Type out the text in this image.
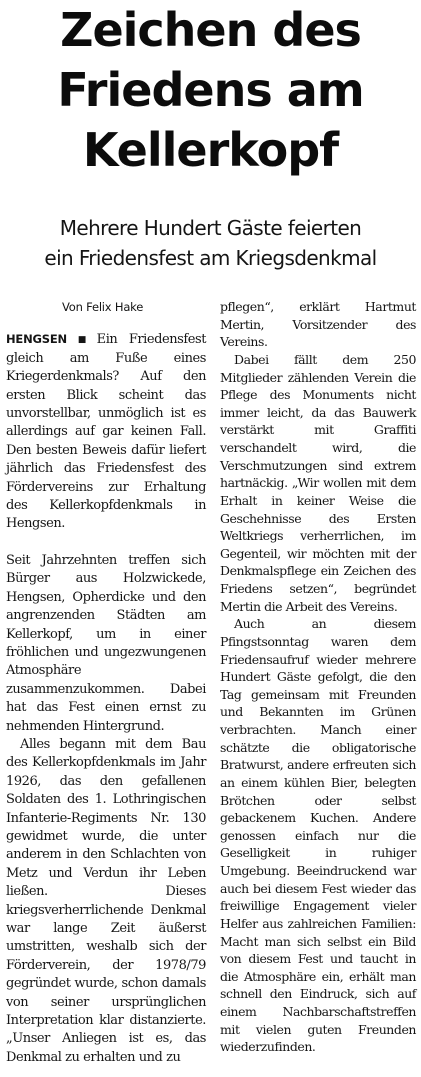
Zeichen des
Friedens am
Kellerkopf
Mehrere Hundert Gäste feierten
ein Friedensfest am Kriegsdenkmal
Von Felix Hake

HENGSEN ■ Ein Friedensfest gleich am Fuße eines Kriegerdenkmals? Auf den ersten Blick scheint das unvorstellbar, unmöglich ist es allerdings auf gar keinen Fall. Den besten Beweis dafür liefert jährlich das Friedensfest des Fördervereins zur Erhaltung des Kellerkopfdenkmals in Hengsen.

Seit Jahrzehnten treffen sich Bürger aus Holzwickede, Hengsen, Opherdicke und den angrenzenden Städten am Kellerkopf, um in einer fröhlichen und ungezwungenen Atmosphäre zusammenzukommen. Dabei hat das Fest einen ernst zu nehmenden Hintergrund.

Alles begann mit dem Bau des Kellerkopfdenkmals im Jahr 1926, das den gefallenen Soldaten des 1. Lothringischen Infanterie-Regiments Nr. 130 gewidmet wurde, die unter anderem in den Schlachten von Metz und Verdun ihr Leben ließen. Dieses kriegsverherrlichende Denkmal war lange Zeit äußerst umstritten, weshalb sich der Förderverein, der 1978/79 gegründet wurde, schon damals von seiner ursprünglichen Interpretation klar distanzierte. „Unser Anliegen ist es, das Denkmal zu erhalten und zu

pflegen“, erklärt Hartmut Mertin, Vorsitzender des Vereins.

Dabei fällt dem 250 Mitglieder zählenden Verein die Pflege des Monuments nicht immer leicht, da das Bauwerk verstärkt mit Graffiti verschandelt wird, die Verschmutzungen sind extrem hartnäckig. „Wir wollen mit dem Erhalt in keiner Weise die Geschehnisse des Ersten Weltkriegs verherrlichen, im Gegenteil, wir möchten mit der Denkmalspflege ein Zeichen des Friedens setzen“, begründet Mertin die Arbeit des Vereins.

Auch an diesem Pfingstsonntag waren dem Friedensaufruf wieder mehrere Hundert Gäste gefolgt, die den Tag gemeinsam mit Freunden und Bekannten im Grünen verbrachten. Manch einer schätzte die obligatorische Bratwurst, andere erfreuten sich an einem kühlen Bier, belegten Brötchen oder selbst gebackenem Kuchen. Andere genossen einfach nur die Geselligkeit in ruhiger Umgebung. Beeindruckend war auch bei diesem Fest wieder das freiwillige Engagement vieler Helfer aus zahlreichen Familien: Macht man sich selbst ein Bild von diesem Fest und taucht in die Atmosphäre ein, erhält man schnell den Eindruck, sich auf einem Nachbarschaftstreffen mit vielen guten Freunden wiederzufinden.
